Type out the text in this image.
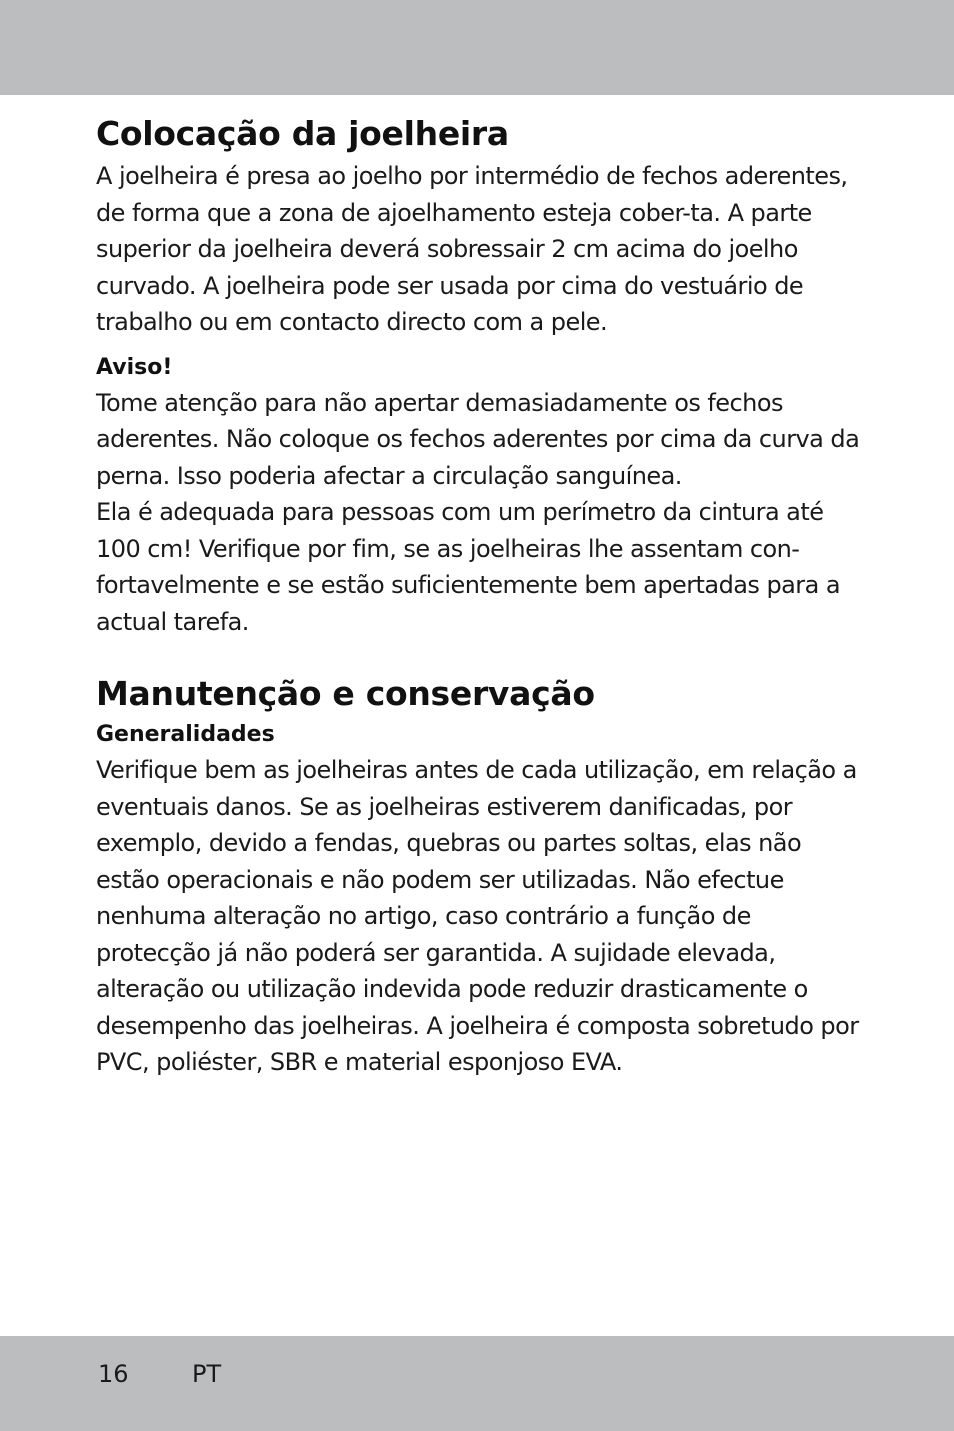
Colocação da joelheira

A joelheira é presa ao joelho por intermédio de fechos aderentes, de forma que a zona de ajoelhamento esteja cober-ta. A parte superior da joelheira deverá sobressair 2 cm acima do joelho curvado. A joelheira pode ser usada por cima do vestuário de trabalho ou em contacto directo com a pele.

Aviso!

Tome atenção para não apertar demasiadamente os fechos aderentes. Não coloque os fechos aderentes por cima da curva da perna. Isso poderia afectar a circulação sanguínea.

Ela é adequada para pessoas com um perímetro da cintura até 100 cm! Verifique por fim, se as joelheiras lhe assentam con-fortavelmente e se estão suficientemente bem apertadas para a actual tarefa.

Manutenção e conservação
Generalidades

Verifique bem as joelheiras antes de cada utilização, em relação a eventuais danos. Se as joelheiras estiverem danificadas, por exemplo, devido a fendas, quebras ou partes soltas, elas não estão operacionais e não podem ser utilizadas. Não efectue nenhuma alteração no artigo, caso contrário a função de protecção já não poderá ser garantida. A sujidade elevada, alteração ou utilização indevida pode reduzir drasticamente o desempenho das joelheiras. A joelheira é composta sobretudo por PVC, poliéster, SBR e material esponjoso EVA.

16	PT
